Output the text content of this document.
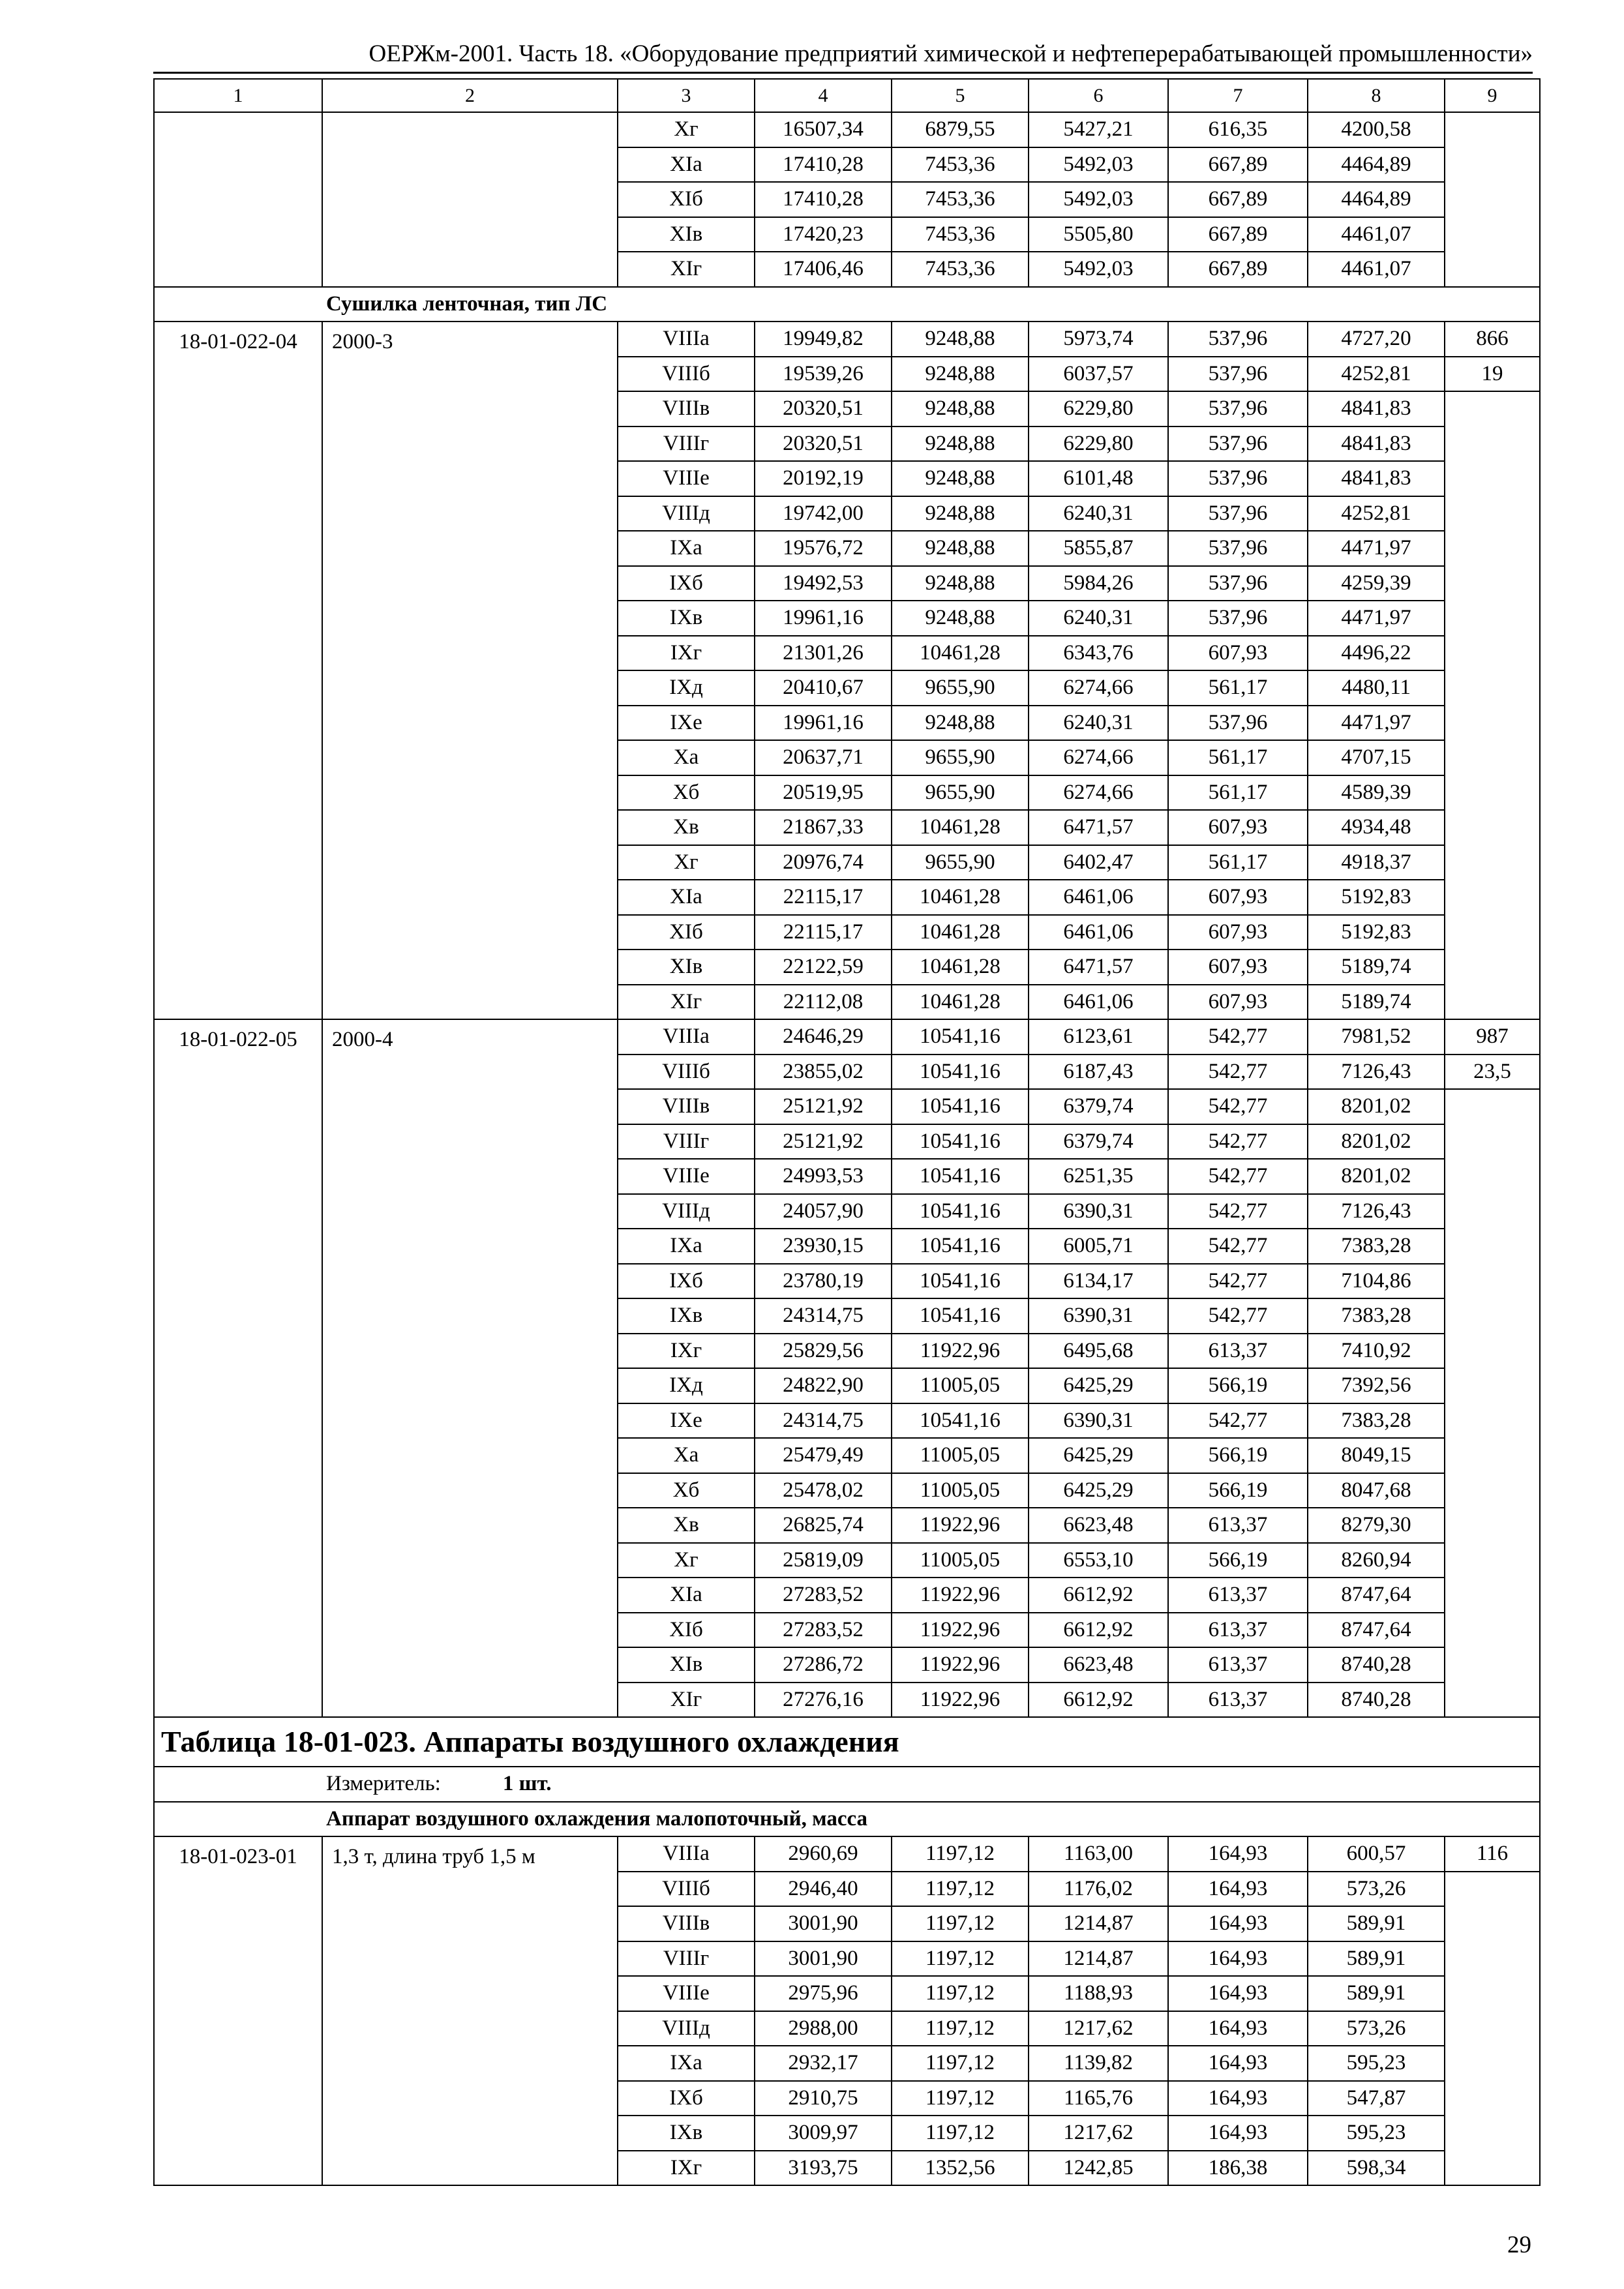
ОЕРЖм-2001. Часть 18. «Оборудование предприятий химической и нефтеперерабатывающей промышленности»
1	2	3	4	5	6	7	8	9
		Xг	16507,34	6879,55	5427,21	616,35	4200,58	
		XIа	17410,28	7453,36	5492,03	667,89	4464,89	
		XIб	17410,28	7453,36	5492,03	667,89	4464,89	
		XIв	17420,23	7453,36	5505,80	667,89	4461,07	
		XIг	17406,46	7453,36	5492,03	667,89	4461,07	
Сушилка ленточная, тип ЛС								
18-01-022-04	2000-3	VIIIа	19949,82	9248,88	5973,74	537,96	4727,20	866
		VIIIб	19539,26	9248,88	6037,57	537,96	4252,81	19
		VIIIв	20320,51	9248,88	6229,80	537,96	4841,83	
		VIIIг	20320,51	9248,88	6229,80	537,96	4841,83	
		VIIIе	20192,19	9248,88	6101,48	537,96	4841,83	
		VIIIд	19742,00	9248,88	6240,31	537,96	4252,81	
		IXа	19576,72	9248,88	5855,87	537,96	4471,97	
		IXб	19492,53	9248,88	5984,26	537,96	4259,39	
		IXв	19961,16	9248,88	6240,31	537,96	4471,97	
		IXг	21301,26	10461,28	6343,76	607,93	4496,22	
		IXд	20410,67	9655,90	6274,66	561,17	4480,11	
		IXе	19961,16	9248,88	6240,31	537,96	4471,97	
		Xа	20637,71	9655,90	6274,66	561,17	4707,15	
		Xб	20519,95	9655,90	6274,66	561,17	4589,39	
		Xв	21867,33	10461,28	6471,57	607,93	4934,48	
		Xг	20976,74	9655,90	6402,47	561,17	4918,37	
		XIа	22115,17	10461,28	6461,06	607,93	5192,83	
		XIб	22115,17	10461,28	6461,06	607,93	5192,83	
		XIв	22122,59	10461,28	6471,57	607,93	5189,74	
		XIг	22112,08	10461,28	6461,06	607,93	5189,74	
18-01-022-05	2000-4	VIIIа	24646,29	10541,16	6123,61	542,77	7981,52	987
		VIIIб	23855,02	10541,16	6187,43	542,77	7126,43	23,5
		VIIIв	25121,92	10541,16	6379,74	542,77	8201,02	
		VIIIг	25121,92	10541,16	6379,74	542,77	8201,02	
		VIIIе	24993,53	10541,16	6251,35	542,77	8201,02	
		VIIIд	24057,90	10541,16	6390,31	542,77	7126,43	
		IXа	23930,15	10541,16	6005,71	542,77	7383,28	
		IXб	23780,19	10541,16	6134,17	542,77	7104,86	
		IXв	24314,75	10541,16	6390,31	542,77	7383,28	
		IXг	25829,56	11922,96	6495,68	613,37	7410,92	
		IXд	24822,90	11005,05	6425,29	566,19	7392,56	
		IXе	24314,75	10541,16	6390,31	542,77	7383,28	
		Xа	25479,49	11005,05	6425,29	566,19	8049,15	
		Xб	25478,02	11005,05	6425,29	566,19	8047,68	
		Xв	26825,74	11922,96	6623,48	613,37	8279,30	
		Xг	25819,09	11005,05	6553,10	566,19	8260,94	
		XIа	27283,52	11922,96	6612,92	613,37	8747,64	
		XIб	27283,52	11922,96	6612,92	613,37	8747,64	
		XIв	27286,72	11922,96	6623,48	613,37	8740,28	
		XIг	27276,16	11922,96	6612,92	613,37	8740,28	
Таблица 18-01-023. Аппараты воздушного охлаждения								
Измеритель: 1 шт.								
Аппарат воздушного охлаждения малопоточный, масса								
18-01-023-01	1,3 т, длина труб 1,5 м	VIIIа	2960,69	1197,12	1163,00	164,93	600,57	116
		VIIIб	2946,40	1197,12	1176,02	164,93	573,26	
		VIIIв	3001,90	1197,12	1214,87	164,93	589,91	
		VIIIг	3001,90	1197,12	1214,87	164,93	589,91	
		VIIIе	2975,96	1197,12	1188,93	164,93	589,91	
		VIIIд	2988,00	1197,12	1217,62	164,93	573,26	
		IXа	2932,17	1197,12	1139,82	164,93	595,23	
		IXб	2910,75	1197,12	1165,76	164,93	547,87	
		IXв	3009,97	1197,12	1217,62	164,93	595,23	
		IXг	3193,75	1352,56	1242,85	186,38	598,34	
29
